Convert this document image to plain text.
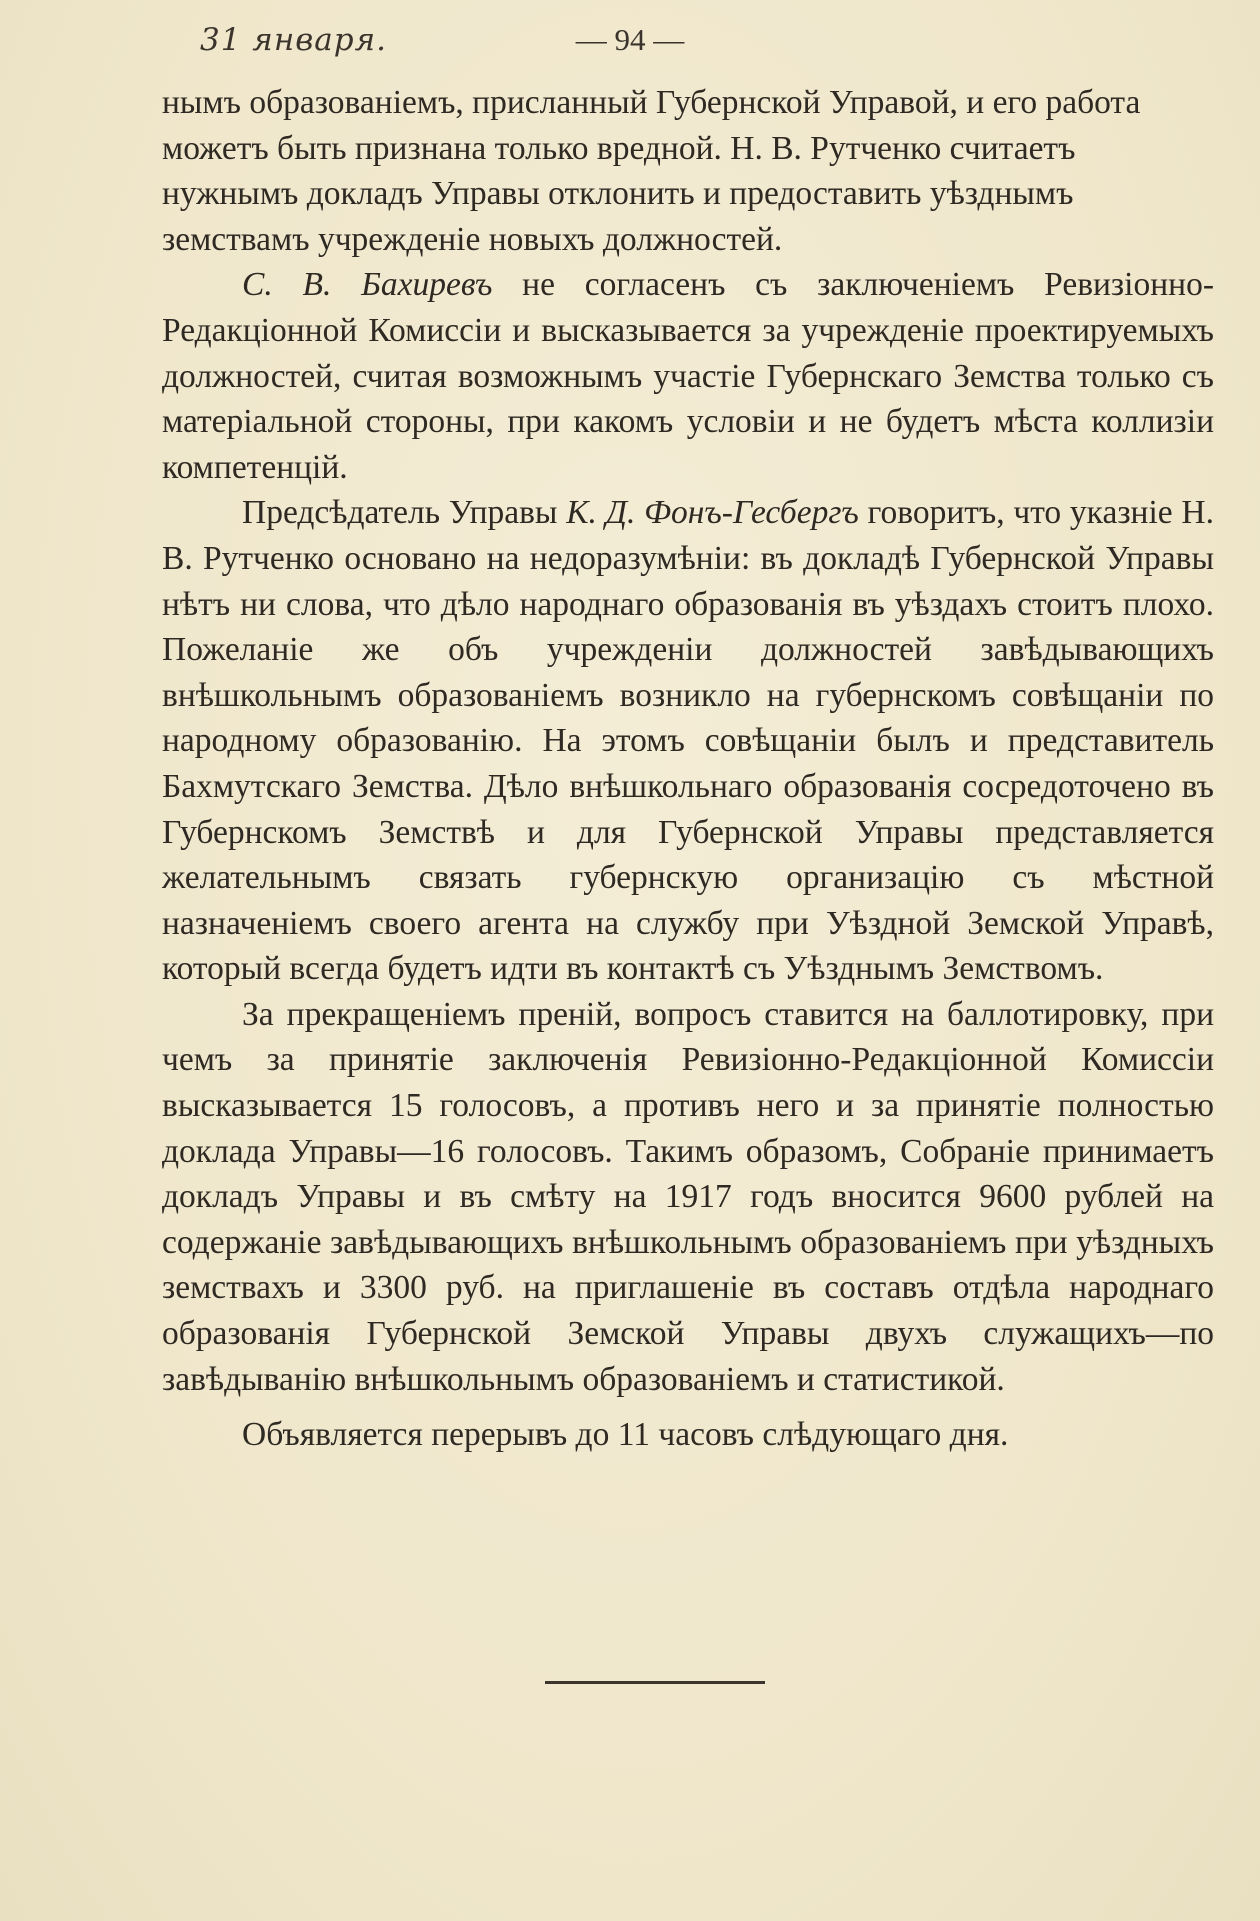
31 января.	— 94 —

нымъ образованіемъ, присланный Губернской Управой, и его работа можетъ быть признана только вредной. Н. В. Рутченко считаетъ нужнымъ докладъ Управы отклонить и предоставить уѣзднымъ земствамъ учрежденіе новыхъ должностей.

С. В. Бахиревъ не согласенъ съ заключеніемъ Ревизіонно-Редакціонной Комиссіи и высказывается за учрежденіе проектируемыхъ должностей, считая возможнымъ участіе Губернскаго Земства только съ матеріальной стороны, при какомъ условіи и не будетъ мѣста коллизіи компетенцій.

Предсѣдатель Управы К. Д. Фонъ-Гесбергъ говоритъ, что указніе Н. В. Рутченко основано на недоразумѣніи: въ докладѣ Губернской Управы нѣтъ ни слова, что дѣло народнаго образованія въ уѣздахъ стоитъ плохо. Пожеланіе же объ учрежденіи должностей завѣдывающихъ внѣшкольнымъ образованіемъ возникло на губернскомъ совѣщаніи по народному образованію. На этомъ совѣщаніи былъ и представитель Бахмутскаго Земства. Дѣло внѣшкольнаго образованія сосредоточено въ Губернскомъ Земствѣ и для Губернской Управы представляется желательнымъ связать губернскую организацію съ мѣстной назначеніемъ своего агента на службу при Уѣздной Земской Управѣ, который всегда будетъ идти въ контактѣ съ Уѣзднымъ Земствомъ.

За прекращеніемъ преній, вопросъ ставится на баллотировку, при чемъ за принятіе заключенія Ревизіонно-Редакціонной Комиссіи высказывается 15 голосовъ, а противъ него и за принятіе полностью доклада Управы—16 голосовъ. Такимъ образомъ, Собраніе принимаетъ докладъ Управы и въ смѣту на 1917 годъ вносится 9600 рублей на содержаніе завѣдывающихъ внѣшкольнымъ образованіемъ при уѣздныхъ земствахъ и 3300 руб. на приглашеніе въ составъ отдѣла народнаго образованія Губернской Земской Управы двухъ служащихъ—по завѣдыванію внѣшкольнымъ образованіемъ и статистикой.

Объявляется перерывъ до 11 часовъ слѣдующаго дня.
